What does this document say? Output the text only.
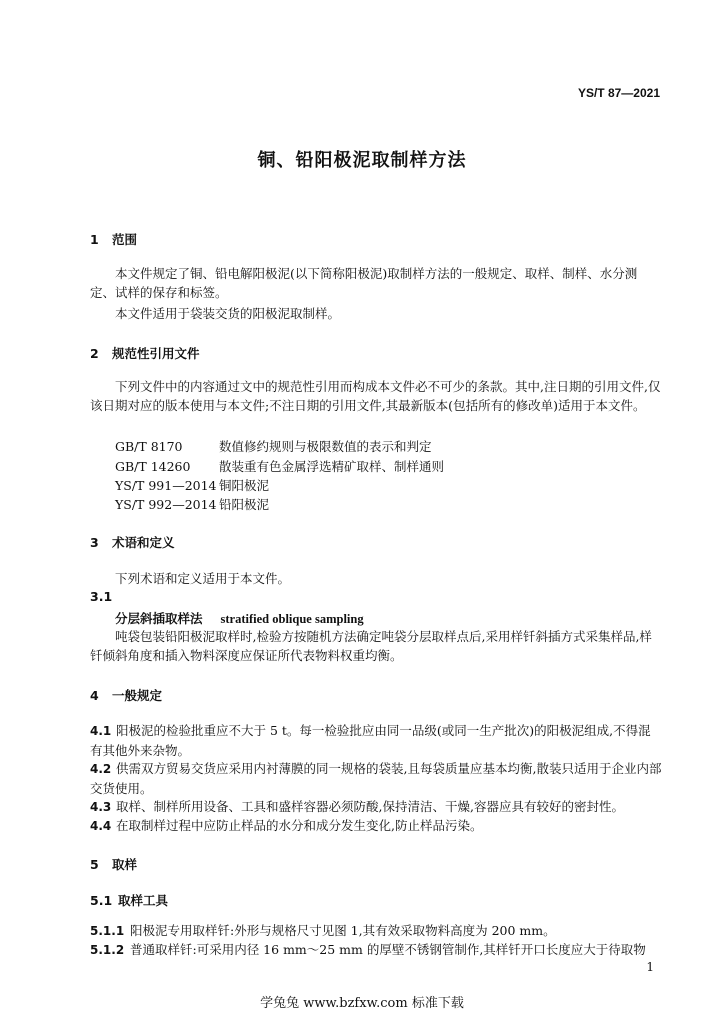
YS/T 87—2021
铜、铅阳极泥取制样方法
1 范围
本文件规定了铜、铅电解阳极泥(以下简称阳极泥)取制样方法的一般规定、取样、制样、水分测定、试样的保存和标签。
本文件适用于袋装交货的阳极泥取制样。
2 规范性引用文件
下列文件中的内容通过文中的规范性引用而构成本文件必不可少的条款。其中,注日期的引用文件,仅该日期对应的版本使用与本文件;不注日期的引用文件,其最新版本(包括所有的修改单)适用于本文件。
GB/T 8170	数值修约规则与极限数值的表示和判定
GB/T 14260 散装重有色金属浮选精矿取样、制样通则
YS/T 991—2014 铜阳极泥
YS/T 992—2014 铅阳极泥
3 术语和定义
下列术语和定义适用于本文件。
3.1
分层斜插取样法 stratified oblique sampling
吨袋包装铅阳极泥取样时,检验方按随机方法确定吨袋分层取样点后,采用样钎斜插方式采集样品,样钎倾斜角度和插入物料深度应保证所代表物料权重均衡。
4 一般规定
4.1 阳极泥的检验批重应不大于 5 t。每一检验批应由同一品级(或同一生产批次)的阳极泥组成,不得混有其他外来杂物。
4.2 供需双方贸易交货应采用内衬薄膜的同一规格的袋装,且每袋质量应基本均衡,散装只适用于企业内部交货使用。
4.3 取样、制样所用设备、工具和盛样容器必须防酸,保持清洁、干燥,容器应具有较好的密封性。
4.4 在取制样过程中应防止样品的水分和成分发生变化,防止样品污染。
5 取样
5.1 取样工具
5.1.1 阳极泥专用取样钎:外形与规格尺寸见图 1,其有效采取物料高度为 200 mm。
5.1.2 普通取样钎:可采用内径 16 mm～25 mm 的厚壁不锈钢管制作,其样钎开口长度应大于待取物
1
学兔兔 www.bzfxw.com 标准下载
